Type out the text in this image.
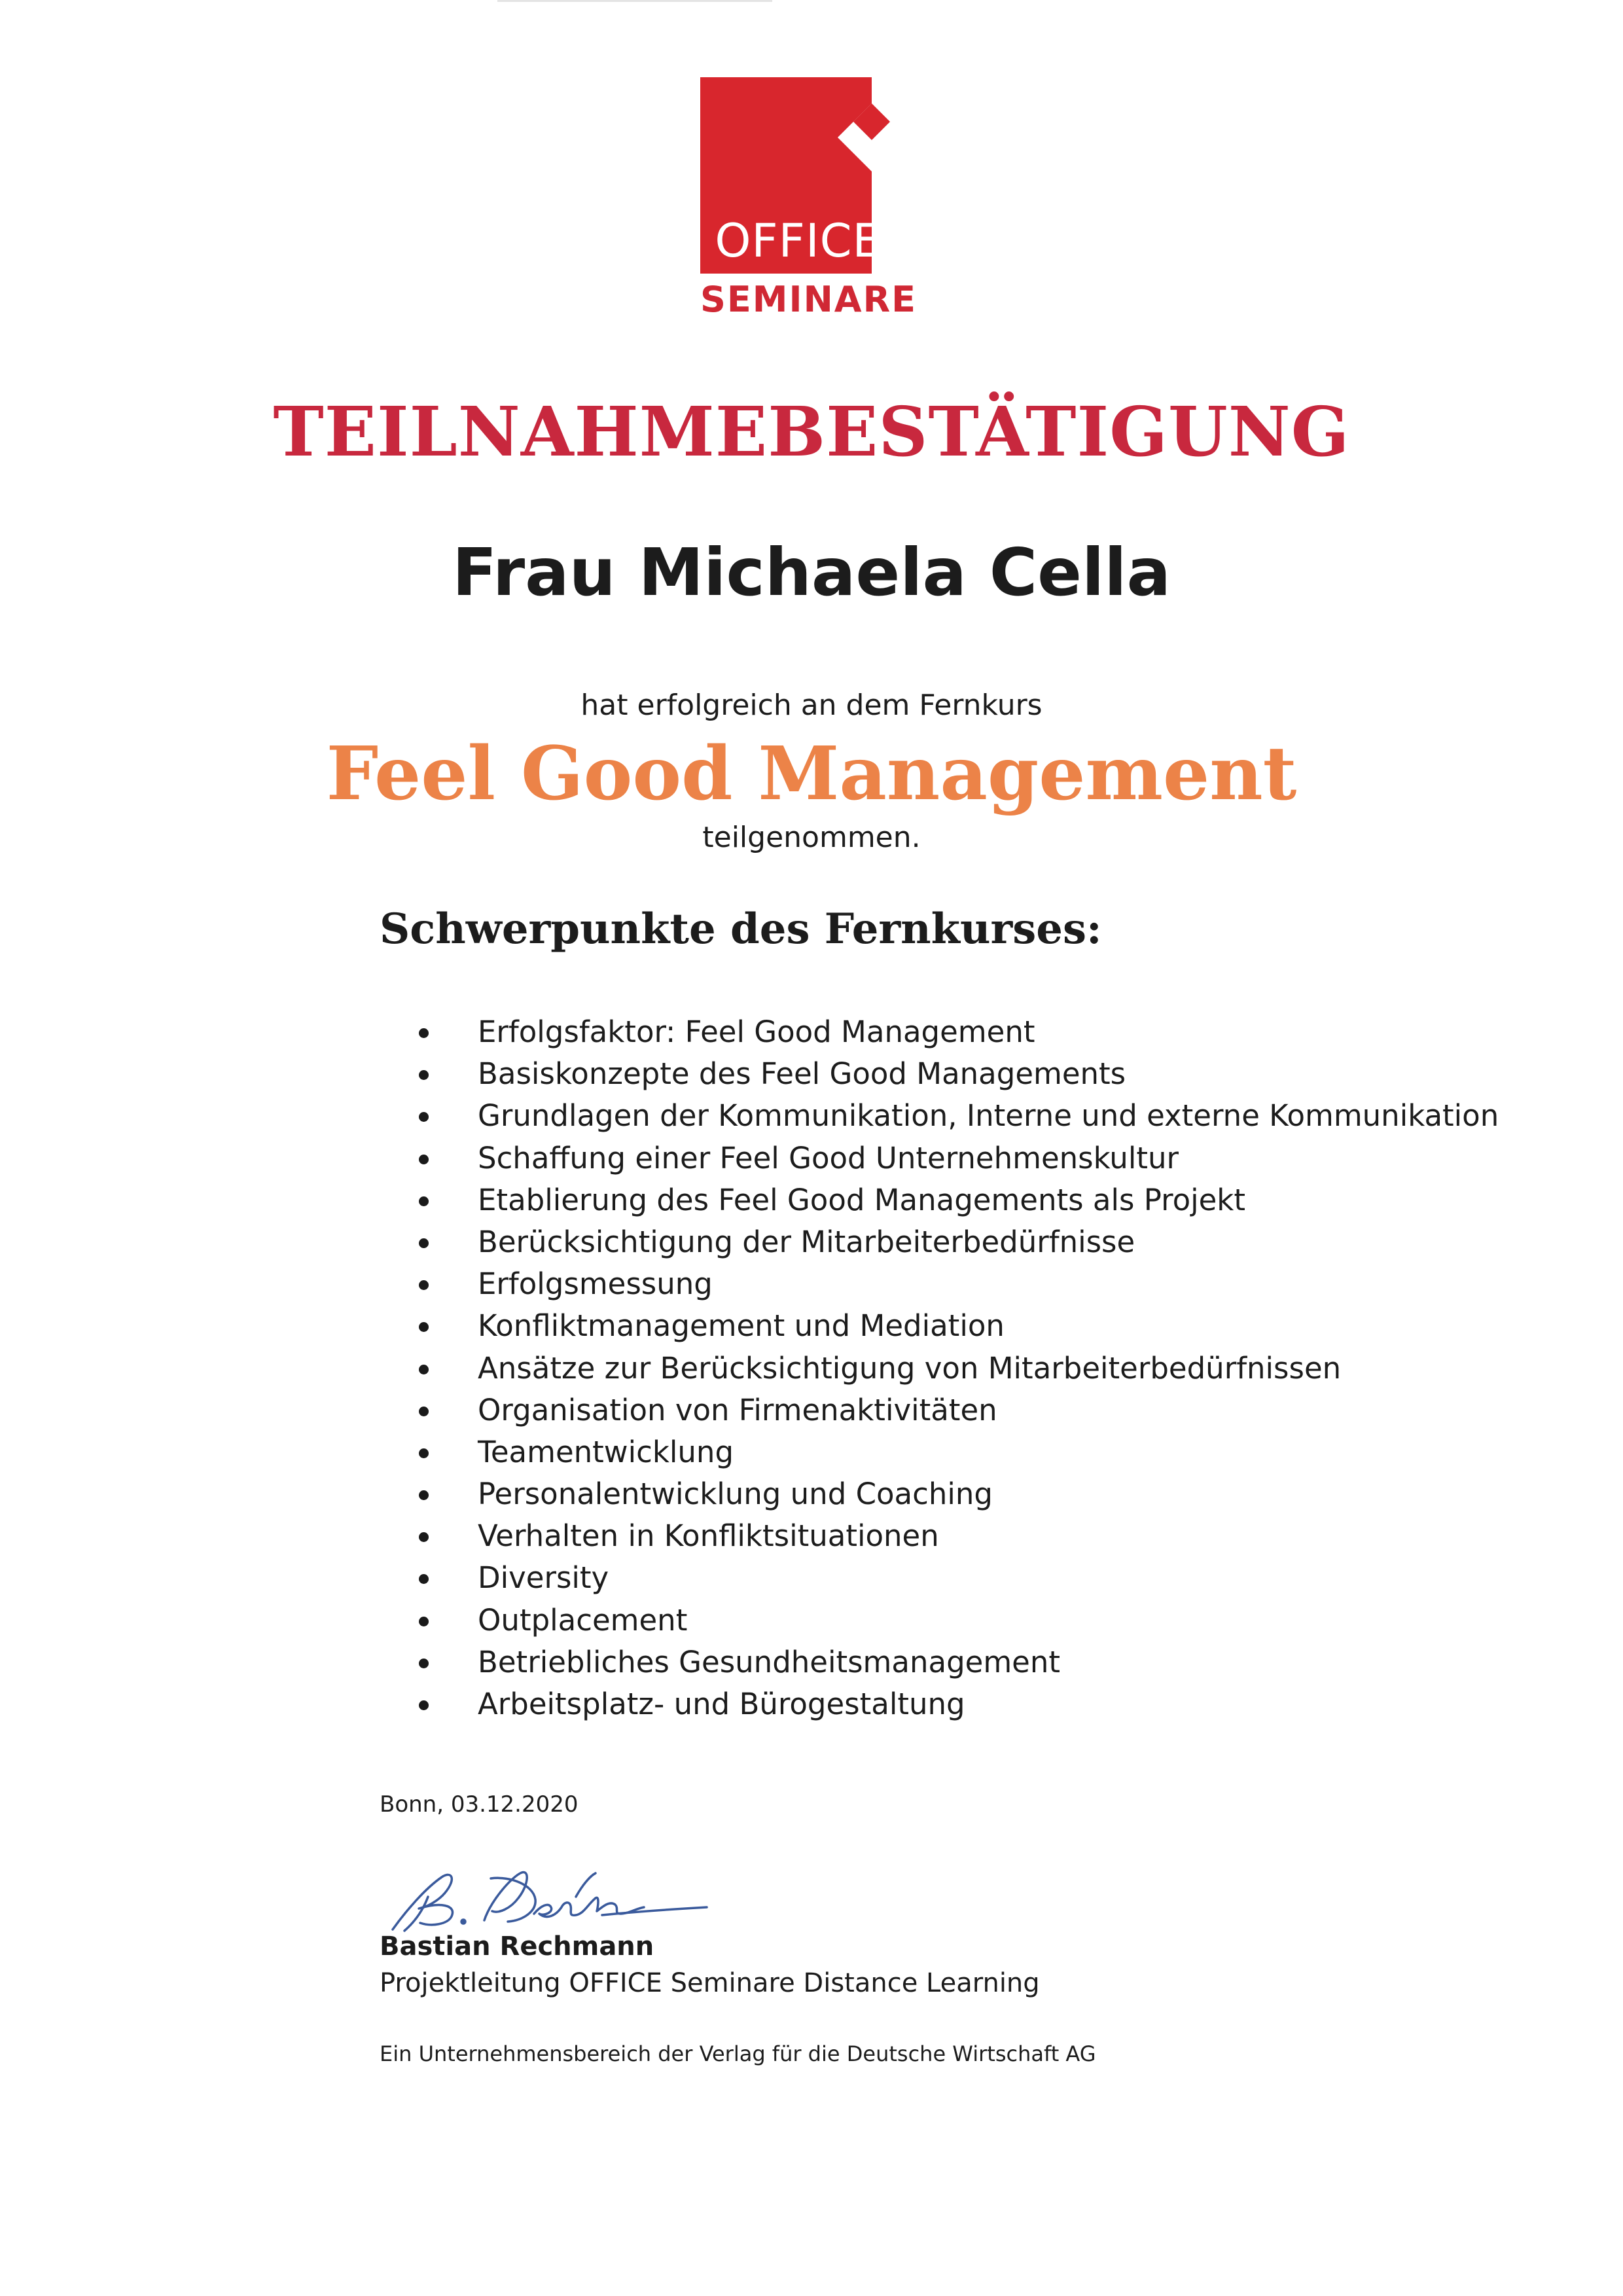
OFFICE
SEMINARE
TEILNAHMEBESTÄTIGUNG
Frau Michaela Cella
hat erfolgreich an dem Fernkurs
Feel Good Management
teilgenommen.
Schwerpunkte des Fernkurses:
Erfolgsfaktor: Feel Good Management
Basiskonzepte des Feel Good Managements
Grundlagen der Kommunikation, Interne und externe Kommunikation
Schaffung einer Feel Good Unternehmenskultur
Etablierung des Feel Good Managements als Projekt
Berücksichtigung der Mitarbeiterbedürfnisse
Erfolgsmessung
Konfliktmanagement und Mediation
Ansätze zur Berücksichtigung von Mitarbeiterbedürfnissen
Organisation von Firmenaktivitäten
Teamentwicklung
Personalentwicklung und Coaching
Verhalten in Konfliktsituationen
Diversity
Outplacement
Betriebliches Gesundheitsmanagement
Arbeitsplatz- und Bürogestaltung
Bonn, 03.12.2020
Bastian Rechmann
Projektleitung OFFICE Seminare Distance Learning
Ein Unternehmensbereich der Verlag für die Deutsche Wirtschaft AG
